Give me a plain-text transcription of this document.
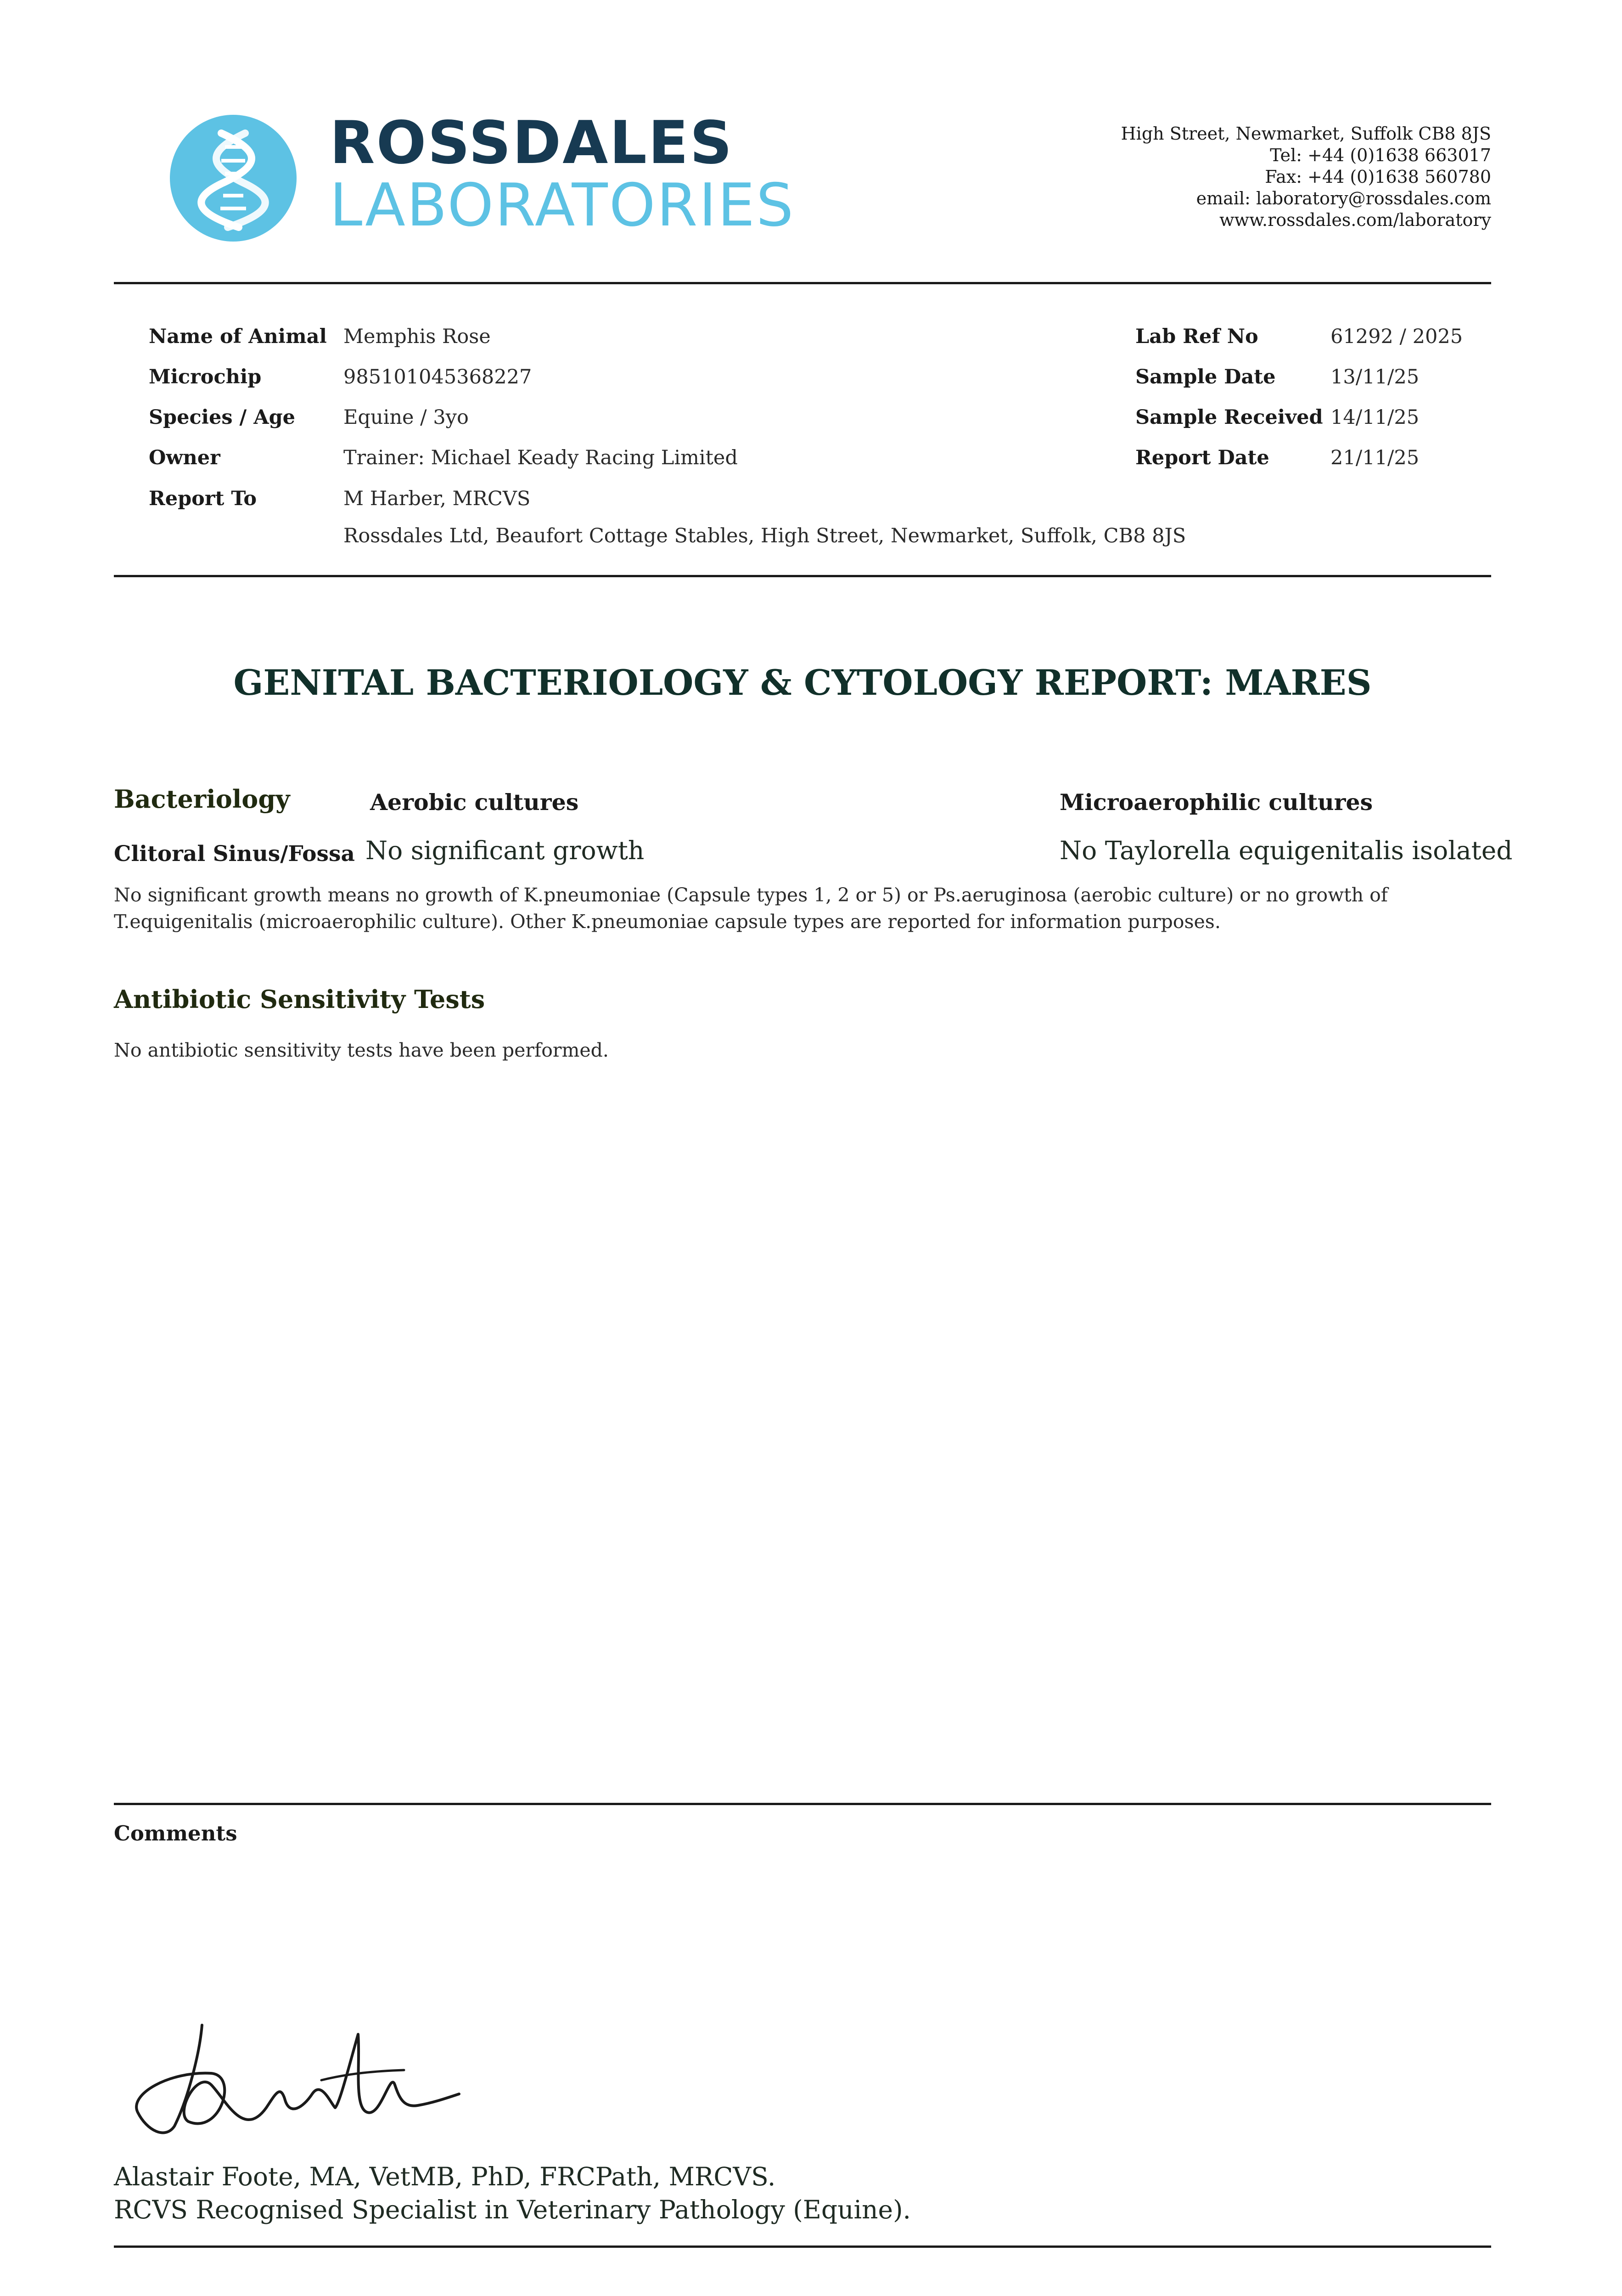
ROSSDALES
LABORATORIES
High Street, Newmarket, Suffolk CB8 8JS
Tel: +44 (0)1638 663017
Fax: +44 (0)1638 560780
email: laboratory@rossdales.com
www.rossdales.com/laboratory
Name of Animal Memphis Rose
Microchip	985101045368227
Species / Age Equine / 3yo
Owner	Trainer: Michael Keady Racing Limited
Report To	M Harber, MRCVS
Rossdales Ltd, Beaufort Cottage Stables, High Street, Newmarket, Suffolk, CB8 8JS
Lab Ref No	61292 / 2025
Sample Date	13/11/25
Sample Received 14/11/25
Report Date	21/11/25
GENITAL BACTERIOLOGY & CYTOLOGY REPORT: MARES
Bacteriology	Aerobic cultures	Microaerophilic cultures
Clitoral Sinus/Fossa No significant growth	No Taylorella equigenitalis isolated
No significant growth means no growth of K.pneumoniae (Capsule types 1, 2 or 5) or Ps.aeruginosa (aerobic culture) or no growth of T.equigenitalis (microaerophilic culture). Other K.pneumoniae capsule types are reported for information purposes.
Antibiotic Sensitivity Tests
No antibiotic sensitivity tests have been performed.
Comments
Alastair Foote, MA, VetMB, PhD, FRCPath, MRCVS.
RCVS Recognised Specialist in Veterinary Pathology (Equine).
